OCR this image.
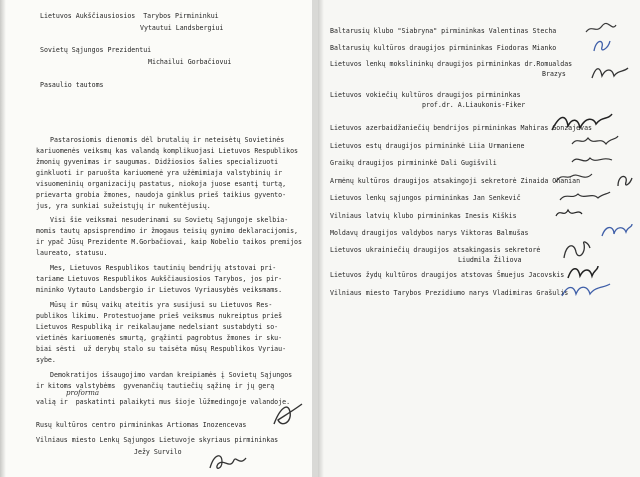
Lietuvos Aukščiausiosios  Tarybos Pirmininkui
Vytautui Landsbergiui
Sovietų Sąjungos Prezidentui
Michailui Gorbačiovui
Pasaulio tautoms
Pastarosiomis dienomis dėl brutalių ir neteisėtų Sovietinės
kariuomenės veiksmų kas valandą komplikuojasi Lietuvos Respublikos
žmonių gyvenimas ir saugumas. Didžiosios šalies specializuoti
ginkluoti ir paruošta kariuomenė yra užėmimiaja valstybinių ir
visuomeninių organizacijų pastatus, niokoja juose esantį turtą,
prievarta grobia žmones, naudoja ginklus prieš taikius gyvento-
jus, yra sunkiai sužeistųjų ir nukentėjusių.
Visi šie veiksmai nesuderinami su Sovietų Sąjungoje skelbia-
momis tautų apsisprendimo ir žmogaus teisių gynimo deklaracijomis,
ir ypač Jūsų Prezidente M.Gorbačiovai, kaip Nobelio taikos premijos
laureato, statusu.
Mes, Lietuvos Respublikos tautinių bendrijų atstovai pri-
tariame Lietuvos Respublikos Aukščiausiosios Tarybos, jos pir-
mininko Vytauto Landsbergio ir Lietuvos Vyriausybės veiksmams.
Mūsų ir mūsų vaikų ateitis yra susijusi su Lietuvos Res-
publikos likimu. Protestuojame prieš veiksmus nukreiptus prieš
Lietuvos Respubliką ir reikalaujame nedelsiant sustabdyti so-
vietinės kariuomenės smurtą, grąžinti pagrobtus žmones ir sku-
biai sėsti  už derybų stalo su taisėta mūsų Respublikos Vyriau-
sybe.
Demokratijos išsaugojimo vardan kreipiamės į Sovietų Sąjungos
ir kitoms valstybėms  gyvenančių tautiečių sąžinę ir jų gerą
valią ir  paskatinti palaikyti mus šioje lūžmedingoje valandoje.
proforma
Rusų kultūros centro pirmininkas Artiomas Inozencevas
Vilniaus miesto Lenkų Sąjungos Lietuvoje skyriaus pirmininkas
Ježy Survilo
Baltarusių klubo "Siabryna" pirmininkas Valentinas Stecha
Baltarusių kultūros draugijos pirmininkas Fiodoras Mianko
Lietuvos lenkų mokslininkų draugijos pirmininkas dr.Romualdas
Brazys
Lietuvos vokiečių kultūros draugijos pirmininkas
prof.dr. A.Liaukonis-Fiker
Lietuvos azerbaidžaniečių bendrijos pirmininkas Mahiras Gonzajevas
Lietuvos estų draugijos pirmininkė Liia Urmaniene
Graikų draugijos pirmininkė Dali Gugišvili
Armėnų kultūros draugijos atsakingoji sekretorė Zinaida Ohanian
Lietuvos lenkų sąjungos pirmininkas Jan Senkevič
Vilniaus latvių klubo pirmininkas Inesis Kiškis
Moldavų draugijos valdybos narys Viktoras Balmušas
Lietuvos ukrainiečių draugijos atsakingasis sekretorė
Liudmila Žiliova
Lietuvos žydų kultūros draugijos atstovas Šmuejus Jacovskis
Vilniaus miesto Tarybos Prezidiumo narys Vladimiras Grašulis
